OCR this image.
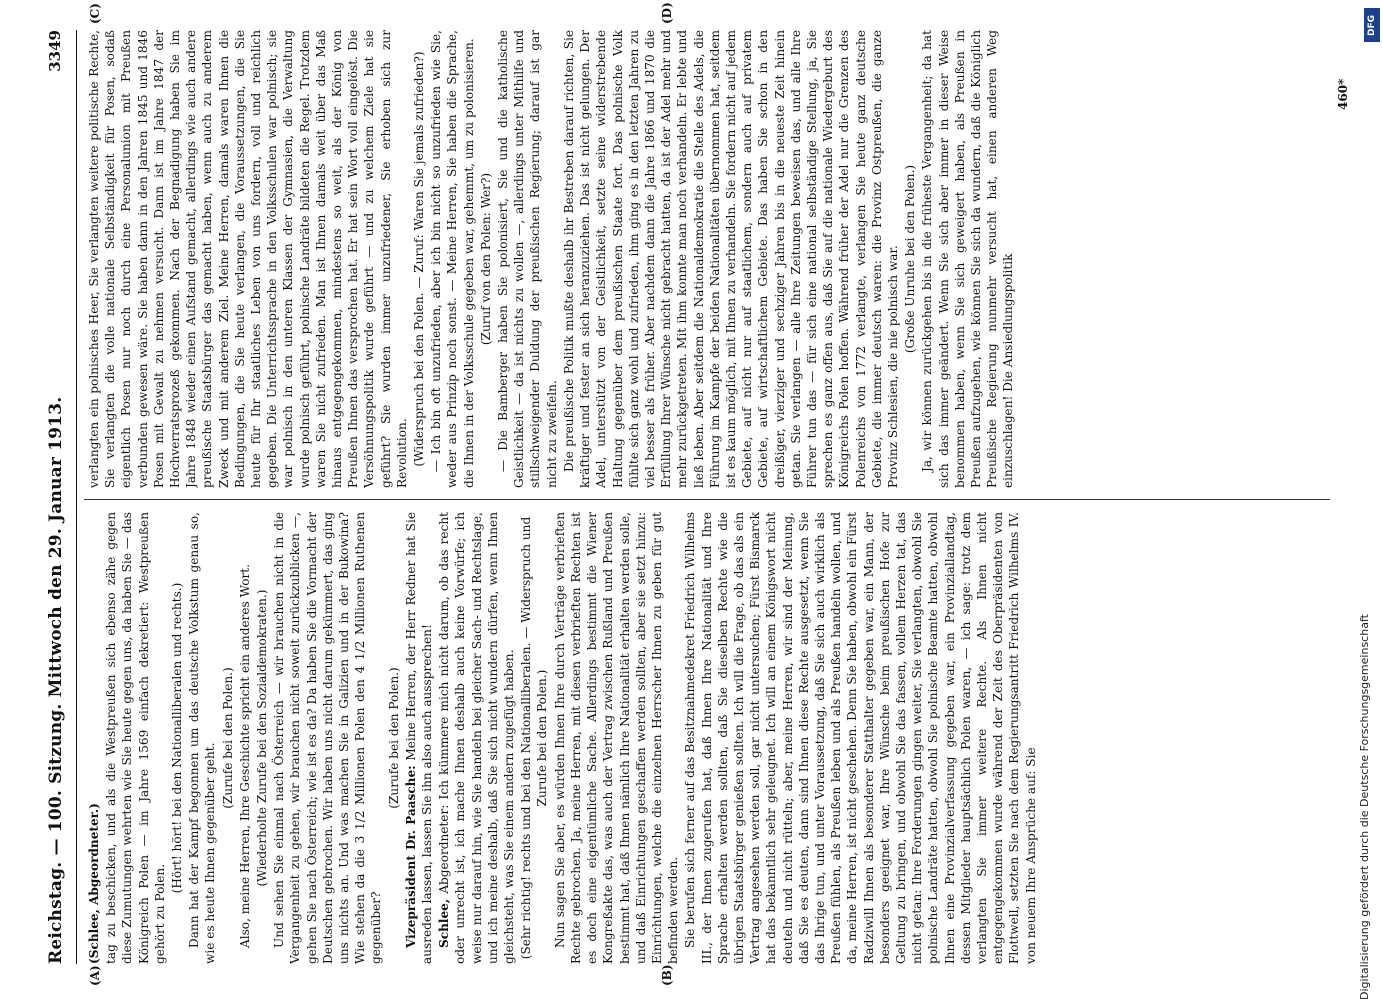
Reichstag. — 100. Sitzung. Mittwoch den 29. Januar 1913.
3349
(A)	(B)
(C)	(D)

(Schlee, Abgeordneter.) tag zu beschicken, und als die Westpreußen sich ebenso zähe gegen diese Zumutungen wehrten wie Sie heute gegen uns, da haben Sie — das Königreich Polen — im Jahre 1569 einfach dekretiert: Westpreußen gehört zu Polen.

(Hört! hört! bei den Nationalliberalen und rechts.) Dann hat der Kampf begonnen um das deutsche Volkstum genau so, wie es heute Ihnen gegenüber geht.

(Zurufe bei den Polen.) Also, meine Herren, Ihre Geschichte spricht ein anderes Wort. (Wiederholte Zurufe bei den Sozialdemokraten.) Und sehen Sie einmal nach Österreich — wir brauchen nicht in die Vergangenheit zu gehen, wir brauchen nicht soweit zurückzublicken —, gehen Sie nach Österreich; wie ist es da? Da haben Sie die Vormacht der Deutschen gebrochen. Wir haben uns nicht darum gekümmert, das ging uns nichts an. Und was machen Sie in Galizien und in der Bukowina? Wie stehen da die 3 1/2 Millionen Polen den 4 1/2 Millionen Ruthenen gegenüber?

(Zurufe bei den Polen.)

Vizepräsident Dr. Paasche: Meine Herren, der Herr Redner hat Sie ausreden lassen, lassen Sie ihn also auch aussprechen! Schlee, Abgeordneter: Ich kümmere mich nicht darum, ob das recht oder unrecht ist, ich mache Ihnen deshalb auch keine Vorwürfe; ich weise nur darauf hin, wie Sie handeln bei gleicher Sach- und Rechtslage, und ich meine deshalb, daß Sie sich nicht wundern dürfen, wenn Ihnen gleichsteht, was Sie einem andern zugefügt haben. (Sehr richtig! rechts und bei den Nationalliberalen. — Widerspruch und Zurufe bei den Polen.) Nun sagen Sie aber, es würden Ihnen Ihre durch Verträge verbrieften Rechte gebrochen. Ja, meine Herren, mit diesen verbrieften Rechten ist es doch eine eigentümliche Sache. Allerdings bestimmt die Wiener Kongreßakte das, was auch der Vertrag zwischen Rußland und Preußen bestimmt hat, daß Ihnen nämlich Ihre Nationalität erhalten werden solle, und daß Einrichtungen geschaffen werden sollten, aber sie setzt hinzu: Einrichtungen, welche die einzelnen Herrscher Ihnen zu geben für gut befinden werden. Sie berufen sich ferner auf das Besitznahmedekret Friedrich Wilhelms III., der Ihnen zugerufen hat, daß Ihnen Ihre Nationalität und Ihre Sprache erhalten werden sollten, daß Sie dieselben Rechte wie die übrigen Staatsbürger genießen sollten. Ich will die Frage, ob das als ein Vertrag angesehen werden soll, gar nicht untersuchen; Fürst Bismarck hat das bekanntlich sehr geleugnet. Ich will an einem Königswort nicht deuteln und nicht rütteln; aber, meine Herren, wir sind der Meinung, daß Sie es deuten, dann sind Ihnen diese Rechte ausgesetzt, wenn Sie das Ihrige tun, und unter Voraussetzung, daß Sie sich auch wirklich als Preußen fühlen, als Preußen leben und als Preußen handeln wollen, und da, meine Herren, ist nicht geschehen. Denn Sie haben, obwohl ein Fürst Radziwill Ihnen als besonderer Statthalter gegeben war, ein Mann, der besonders geeignet war, Ihre Wünsche beim preußischen Hofe zur Geltung zu bringen, und obwohl Sie das fassen, vollem Herzen tat, das nicht getan: Ihre Forderungen gingen weiter, Sie verlangten, obwohl Sie polnische Landräte hatten, obwohl Sie polnische Beamte hatten, obwohl Ihnen eine Provinzialverfassung gegeben war, ein Provinziallandtag, dessen Mitglieder hauptsächlich Polen waren, — ich sage: trotz dem verlangten Sie immer weitere Rechte. Als Ihnen nicht entgegengekommen wurde während der Zeit des Oberpräsidenten von Flottwell, setzten Sie nach dem Regierungsantritt Friedrich Wilhelms IV. von neuem Ihre Ansprüche auf: Sie

verlangten ein polnisches Heer, Sie verlangten weitere politische Rechte, Sie verlangten die volle nationale Selbständigkeit für Posen, sodaß eigentlich Posen nur noch durch eine Personalunion mit Preußen verbunden gewesen wäre. Sie haben dann in den Jahren 1845 und 1846 Posen mit Gewalt zu nehmen versucht. Dann ist im Jahre 1847 der Hochverratsprozeß gekommen. Nach der Begnadigung haben Sie im Jahre 1848 wieder einen Aufstand gemacht, allerdings wie auch andere preußische Staatsbürger das gemacht haben, wenn auch zu anderem Zweck und mit anderem Ziel. Meine Herren, damals waren Ihnen die Bedingungen, die Sie heute verlangen, die Voraussetzungen, die Sie heute für Ihr staatliches Leben von uns fordern, voll und reichlich gegeben. Die Unterrichtssprache in den Volksschulen war polnisch; sie war polnisch in den unteren Klassen der Gymnasien, die Verwaltung wurde polnisch geführt, polnische Landräte bildeten die Regel. Trotzdem waren Sie nicht zufrieden. Man ist Ihnen damals weit über das Maß hinaus entgegengekommen, mindestens so weit, als der König von Preußen Ihnen das versprochen hat. Er hat sein Wort voll eingelöst. Die Versöhnungspolitik wurde geführt — und zu welchem Ziele hat sie geführt? Sie wurden immer unzufriedener, Sie erhoben sich zur Revolution. (Widerspruch bei den Polen. — Zuruf: Waren Sie jemals zufrieden?) — Ich bin oft unzufrieden, aber ich bin nicht so unzufrieden wie Sie, weder aus Prinzip noch sonst. — Meine Herren, Sie haben die Sprache, die Ihnen in der Volksschule gegeben war, gehemmt, um zu polonisieren. (Zuruf von den Polen: Wer?) — Die Bamberger haben Sie polonisiert, Sie und die katholische Geistlichkeit — da ist nichts zu wollen —, allerdings unter Mithilfe und stillschweigender Duldung der preußischen Regierung; darauf ist gar nicht zu zweifeln. Die preußische Politik mußte deshalb ihr Bestreben darauf richten, Sie kräftiger und fester an sich heranzuziehen. Das ist nicht gelungen. Der Adel, unterstützt von der Geistlichkeit, setzte seine widerstrebende Haltung gegenüber dem preußischen Staate fort. Das polnische Volk fühlte sich ganz wohl und zufrieden, ihm ging es in den letzten Jahren zu viel besser als früher. Aber nachdem dann die Jahre 1866 und 1870 die Erfüllung Ihrer Wünsche nicht gebracht hatten, da ist der Adel mehr und mehr zurückgetreten. Mit ihm konnte man noch verhandeln. Er lebte und ließ leben. Aber seitdem die Nationaldemokratie die Stelle des Adels, die Führung im Kampfe der beiden Nationalitäten übernommen hat, seitdem ist es kaum möglich, mit Ihnen zu verhandeln. Sie fordern nicht auf jedem Gebiete, auf nicht nur auf staatlichem, sondern auch auf privatem Gebiete, auf wirtschaftlichem Gebiete. Das haben Sie schon in den dreißiger, vierziger und sechziger Jahren bis in die neueste Zeit hinein getan. Sie verlangen — alle Ihre Zeitungen beweisen das, und alle Ihre Führer tun das — für sich eine national selbständige Stellung, ja, Sie sprechen es ganz offen aus, daß Sie auf die nationale Wiedergeburt des Königreichs Polen hoffen. Während früher der Adel nur die Grenzen des Polenreichs von 1772 verlangte, verlangen Sie heute ganz deutsche Gebiete, die immer deutsch waren: die Provinz Ostpreußen, die ganze Provinz Schlesien, die nie polnisch war. (Große Unruhe bei den Polen.) Ja, wir können zurückgehen bis in die früheste Vergangenheit; da hat sich das immer geändert. Wenn Sie sich aber immer in dieser Weise benommen haben, wenn Sie sich geweigert haben, als Preußen in Preußen aufzugehen, wie können Sie sich da wundern, daß die Königlich Preußische Regierung nunmehr versucht hat, einen anderen Weg einzuschlagen! Die Ansiedlungspolitik

460*
Digitalisierung gefördert durch die Deutsche Forschungsgemeinschaft
DFG
